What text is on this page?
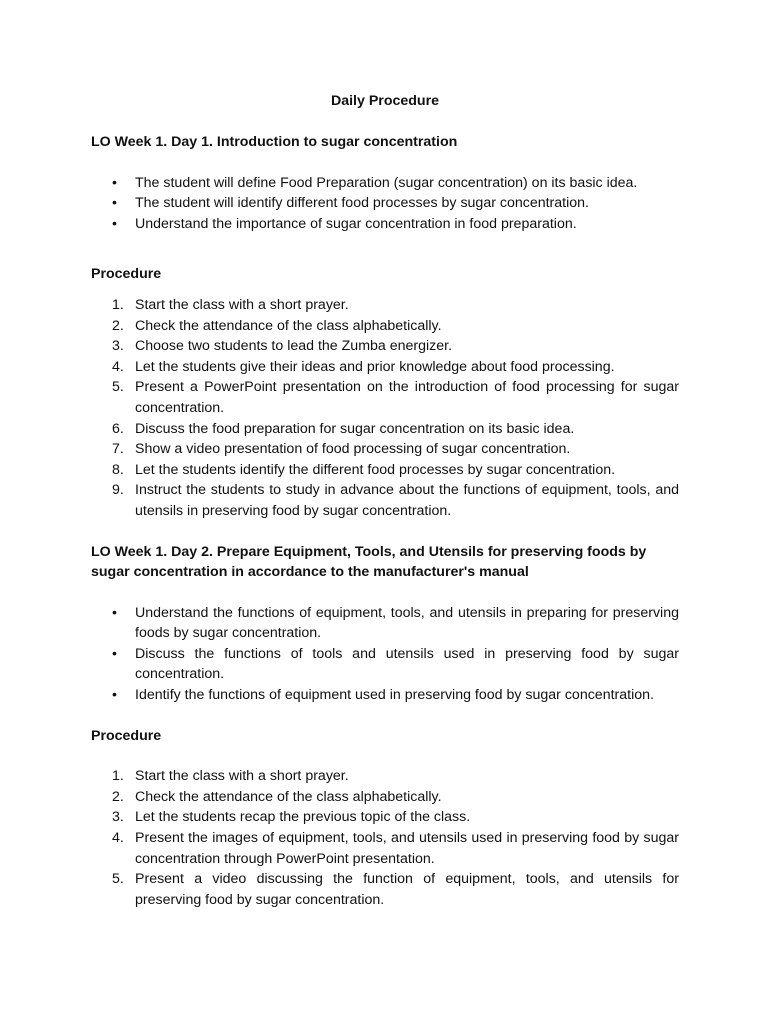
Daily Procedure

LO Week 1. Day 1. Introduction to sugar concentration

• The student will define Food Preparation (sugar concentration) on its basic idea.
• The student will identify different food processes by sugar concentration.
• Understand the importance of sugar concentration in food preparation.

Procedure

1. Start the class with a short prayer.
2. Check the attendance of the class alphabetically.
3. Choose two students to lead the Zumba energizer.
4. Let the students give their ideas and prior knowledge about food processing.
5. Present a PowerPoint presentation on the introduction of food processing for sugar concentration.
6. Discuss the food preparation for sugar concentration on its basic idea.
7. Show a video presentation of food processing of sugar concentration.
8. Let the students identify the different food processes by sugar concentration.
9. Instruct the students to study in advance about the functions of equipment, tools, and utensils in preserving food by sugar concentration.

LO Week 1. Day 2. Prepare Equipment, Tools, and Utensils for preserving foods by sugar concentration in accordance to the manufacturer's manual

• Understand the functions of equipment, tools, and utensils in preparing for preserving foods by sugar concentration.
• Discuss the functions of tools and utensils used in preserving food by sugar concentration.
• Identify the functions of equipment used in preserving food by sugar concentration.

Procedure

1. Start the class with a short prayer.
2. Check the attendance of the class alphabetically.
3. Let the students recap the previous topic of the class.
4. Present the images of equipment, tools, and utensils used in preserving food by sugar concentration through PowerPoint presentation.
5. Present a video discussing the function of equipment, tools, and utensils for preserving food by sugar concentration.
